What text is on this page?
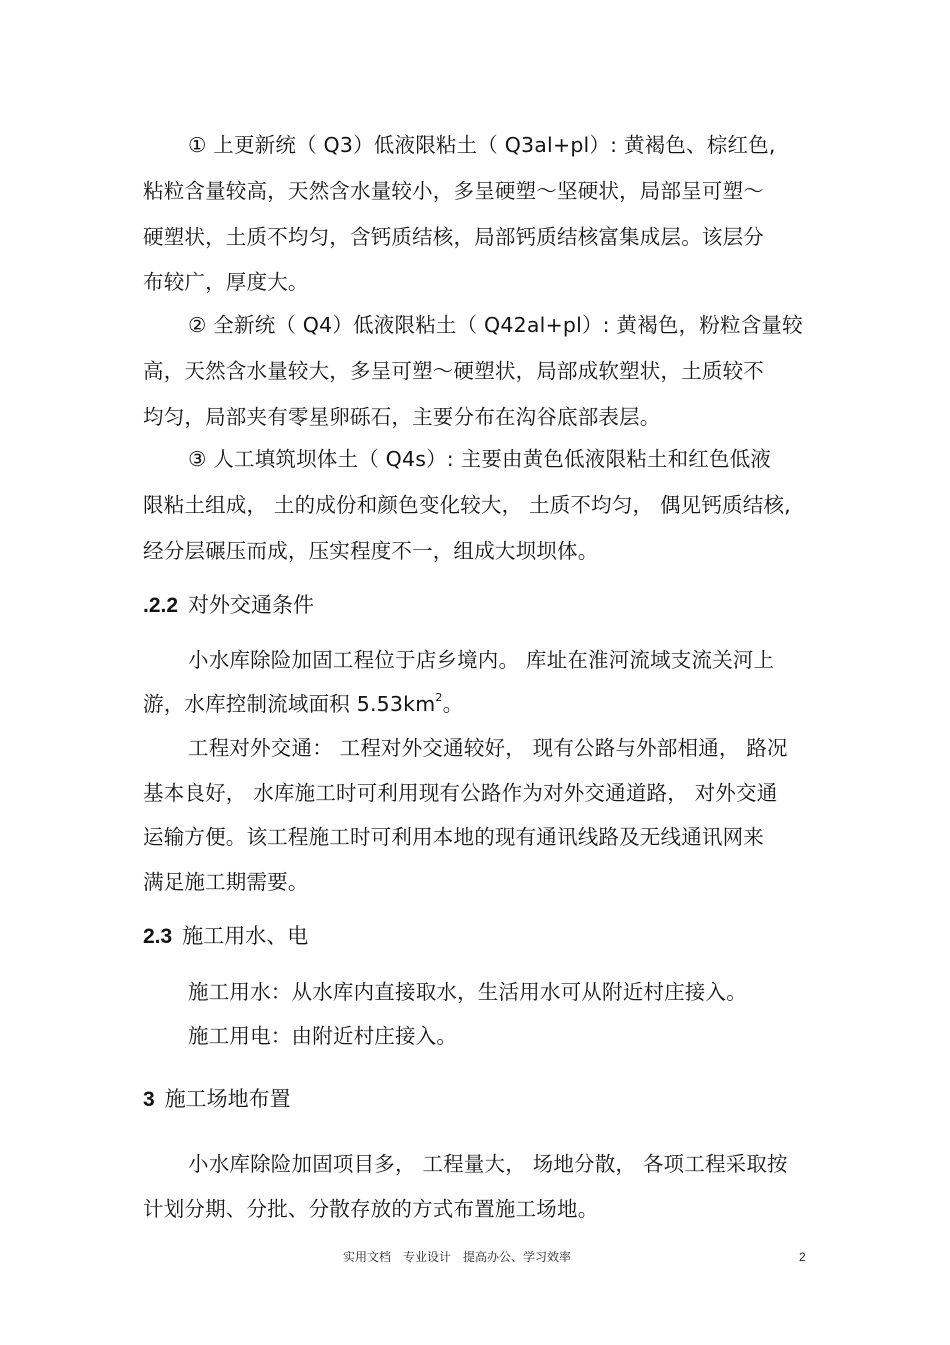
① 上更新统（ Q3）低液限粘土（ Q3al+pl）: 黄褐色、棕红色,
粘粒含量较高，天然含水量较小，多呈硬塑～坚硬状，局部呈可塑～
硬塑状，土质不均匀，含钙质结核，局部钙质结核富集成层。该层分
布较广，厚度大。
② 全新统（ Q4）低液限粘土（ Q42al+pl）: 黄褐色，粉粒含量较
高，天然含水量较大，多呈可塑～硬塑状，局部成软塑状，土质较不
均匀，局部夹有零星卵砾石，主要分布在沟谷底部表层。
③ 人工填筑坝体土（ Q4s）: 主要由黄色低液限粘土和红色低液
限粘土组成， 土的成份和颜色变化较大， 土质不均匀， 偶见钙质结核,
经分层碾压而成，压实程度不一，组成大坝坝体。
.2.2 对外交通条件
小水库除险加固工程位于店乡境内。 库址在淮河流域支流关河上
游，水库控制流域面积 $5.53km^2$。
工程对外交通： 工程对外交通较好， 现有公路与外部相通， 路况
基本良好， 水库施工时可利用现有公路作为对外交通道路， 对外交通
运输方便。该工程施工时可利用本地的现有通讯线路及无线通讯网来
满足施工期需要。
2.3 施工用水、电
施工用水：从水库内直接取水，生活用水可从附近村庄接入。
施工用电：由附近村庄接入。
3 施工场地布置
小水库除险加固项目多， 工程量大， 场地分散， 各项工程采取按
计划分期、分批、分散存放的方式布置施工场地。
实用文档　专业设计　提高办公、学习效率	2
